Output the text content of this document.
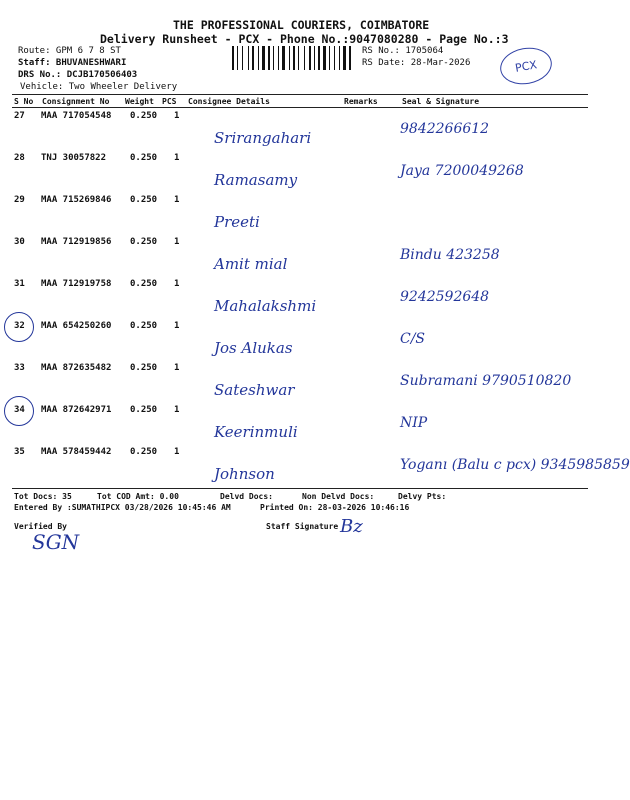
THE PROFESSIONAL COURIERS, COIMBATORE
Delivery Runsheet - PCX - Phone No.:9047080280 - Page No.:3
Route: GPM 6 7 8 ST
Staff: BHUVANESHWARI
DRS No.: DCJB170506403
Vehicle: Two Wheeler Delivery
RS No.: 1705064
RS Date: 28-Mar-2026	PCX
S No Consignment No Weight PCS Consignee Details	Remarks	Seal & Signature
27 MAA 717054548 0.250 1
Srirangahari	9842266612
28 TNJ 30057822	0.250 1
Ramasamy	Jaya 7200049268
29 MAA 715269846 0.250 1
Preeti
30 MAA 712919856 0.250 1
Amit mial	Bindu 423258
31 MAA 712919758 0.250 1
Mahalakshmi	9242592648
32 MAA 654250260 0.250 1
Jos Alukas	C/S
33 MAA 872635482 0.250 1
Sateshwar	Subramani 9790510820
34 MAA 872642971 0.250 1
Keerinmuli	NIP
35 MAA 578459442 0.250 1
Johnson	Yoganı (Balu c pcx) 9345985859
Tot Docs: 35	Tot COD Amt: 0.00	Delvd Docs:	Non Delvd Docs:	Delvy Pts:
Entered By :SUMATHIPCX 03/28/2026 10:45:46 AM	Printed On: 28-03-2026 10:46:16
Verified By
SGN
Staff Signature Bz
